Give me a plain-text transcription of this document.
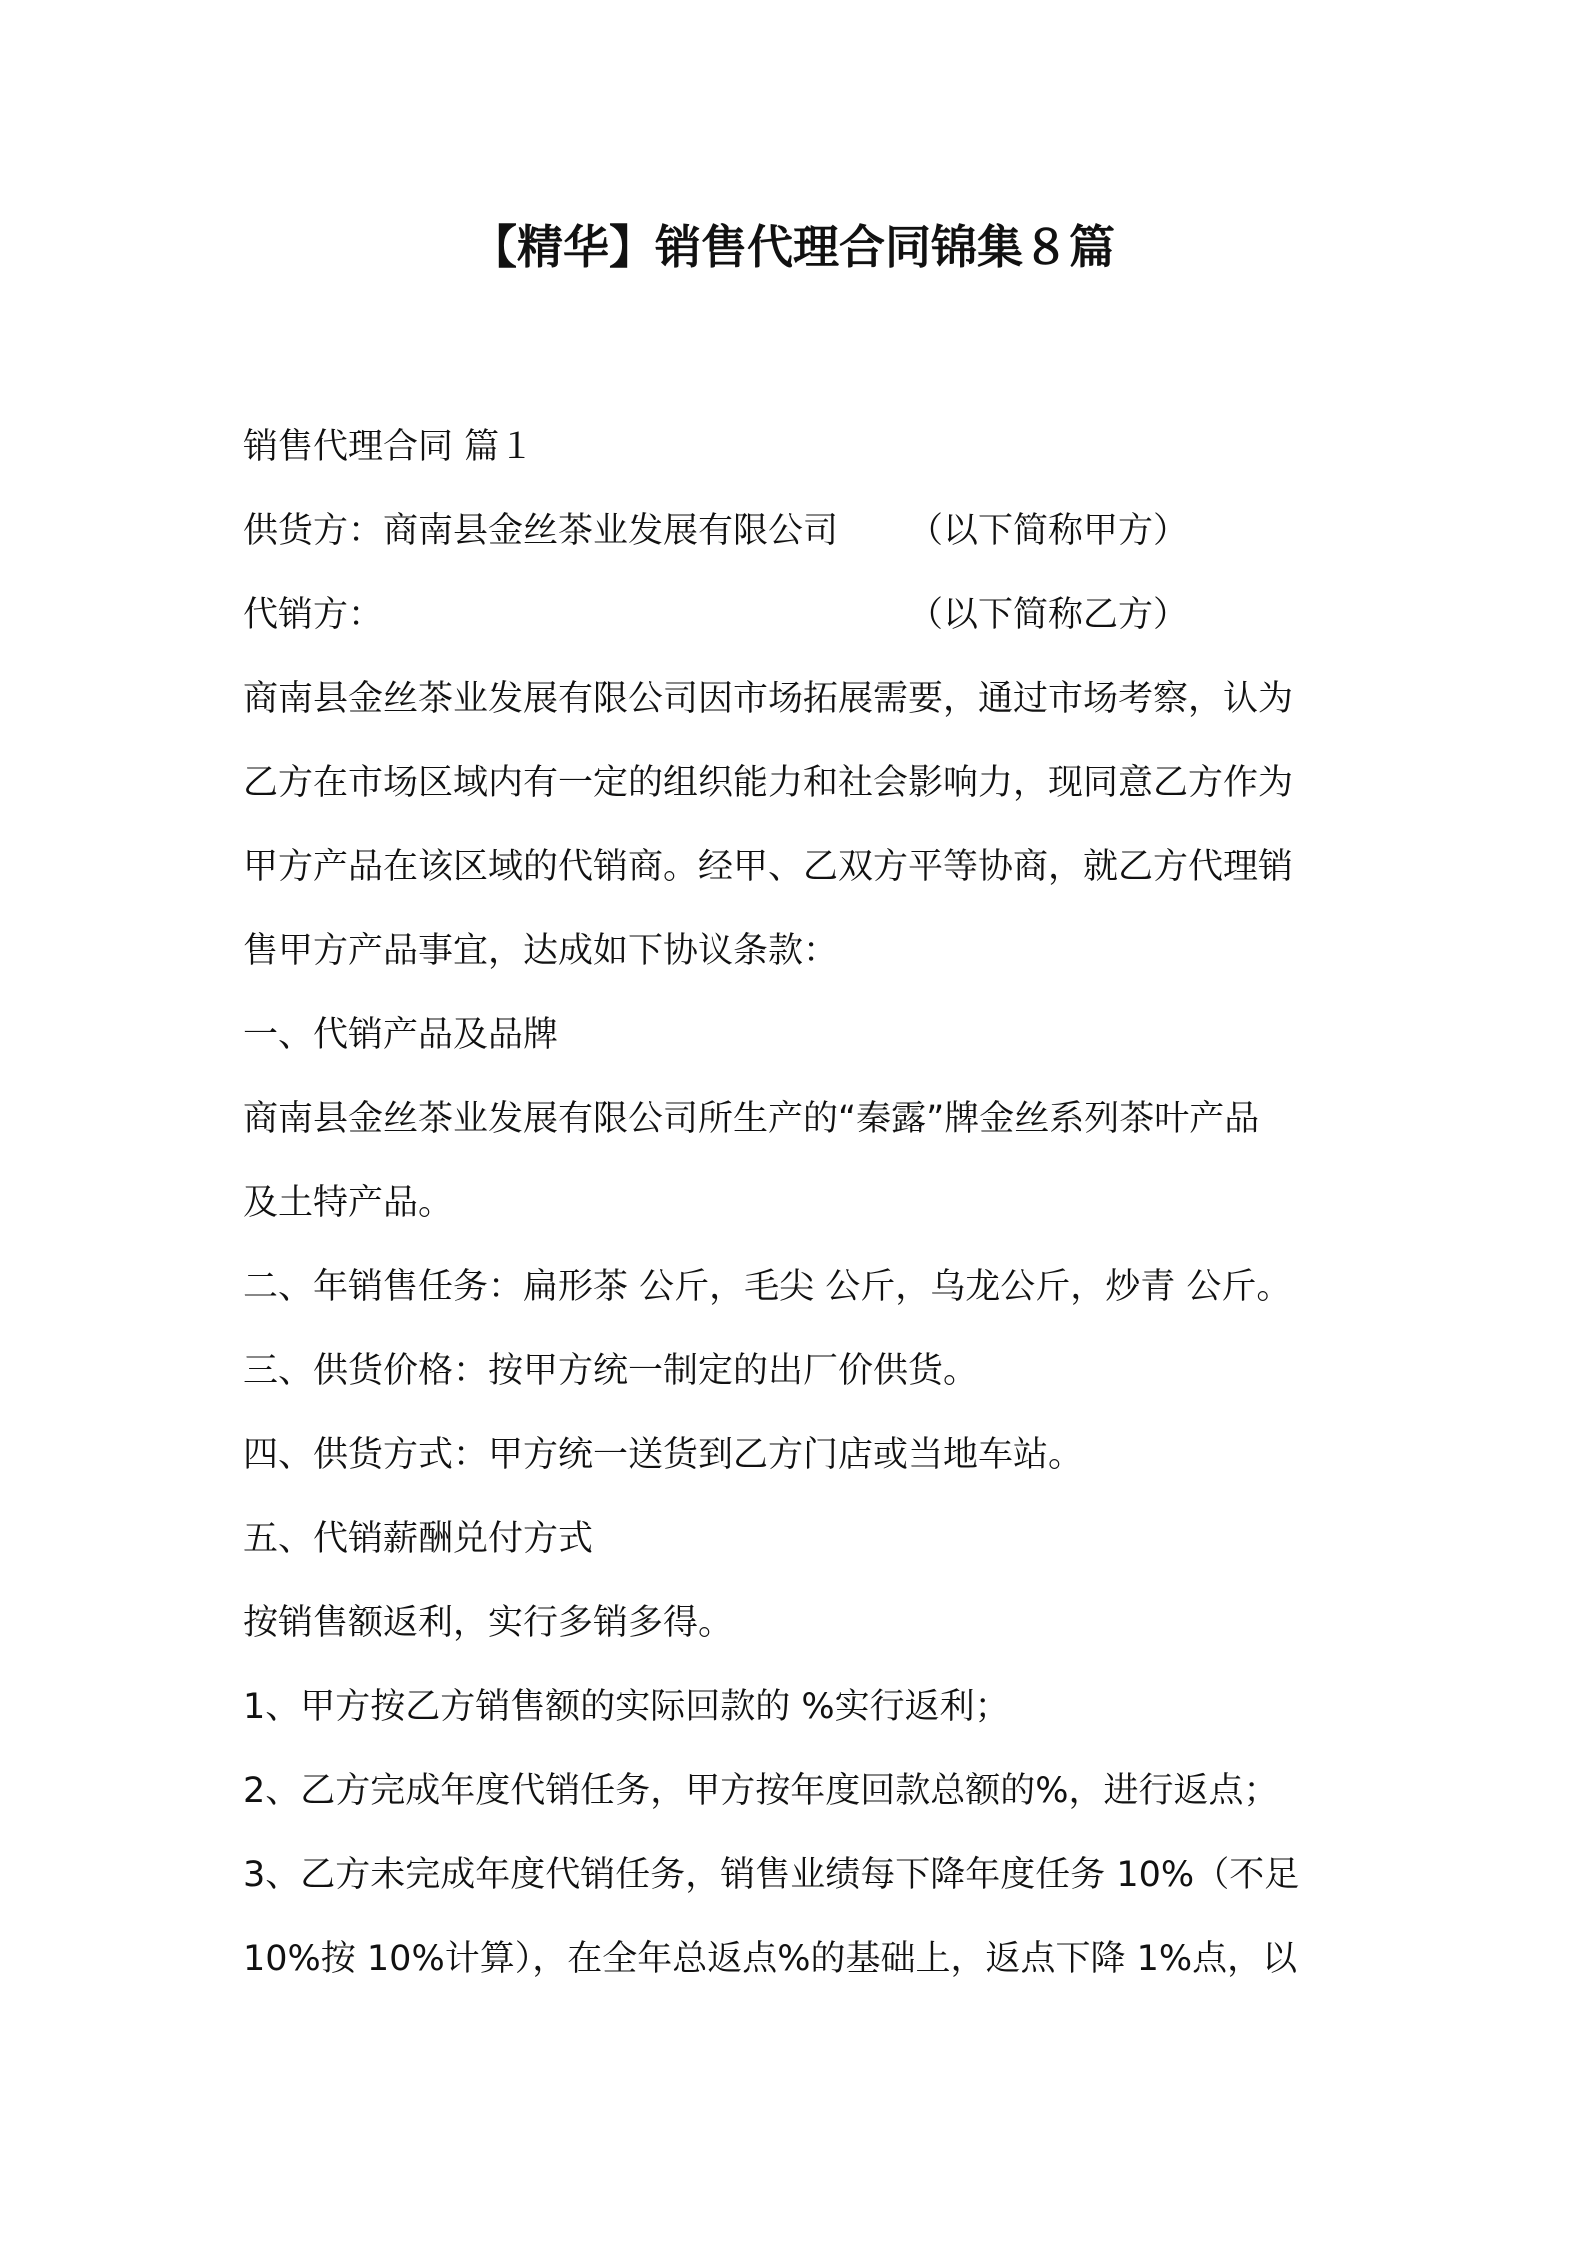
【精华】销售代理合同锦集８篇
销售代理合同 篇１
供货方：商南县金丝茶业发展有限公司 （以下简称甲方）
代销方：	（以下简称乙方）
商南县金丝茶业发展有限公司因市场拓展需要，通过市场考察，认为
乙方在市场区域内有一定的组织能力和社会影响力，现同意乙方作为
甲方产品在该区域的代销商。经甲、乙双方平等协商，就乙方代理销
售甲方产品事宜，达成如下协议条款：
一、代销产品及品牌
商南县金丝茶业发展有限公司所生产的“秦露”牌金丝系列茶叶产品
及土特产品。
二、年销售任务：扁形茶 公斤，毛尖 公斤，乌龙公斤，炒青 公斤。
三、供货价格：按甲方统一制定的出厂价供货。
四、供货方式：甲方统一送货到乙方门店或当地车站。
五、代销薪酬兑付方式
按销售额返利，实行多销多得。
1、甲方按乙方销售额的实际回款的 %实行返利；
2、乙方完成年度代销任务，甲方按年度回款总额的%，进行返点；
3、乙方未完成年度代销任务，销售业绩每下降年度任务 10%（不足
10%按 10%计算），在全年总返点%的基础上，返点下降 1%点，以
